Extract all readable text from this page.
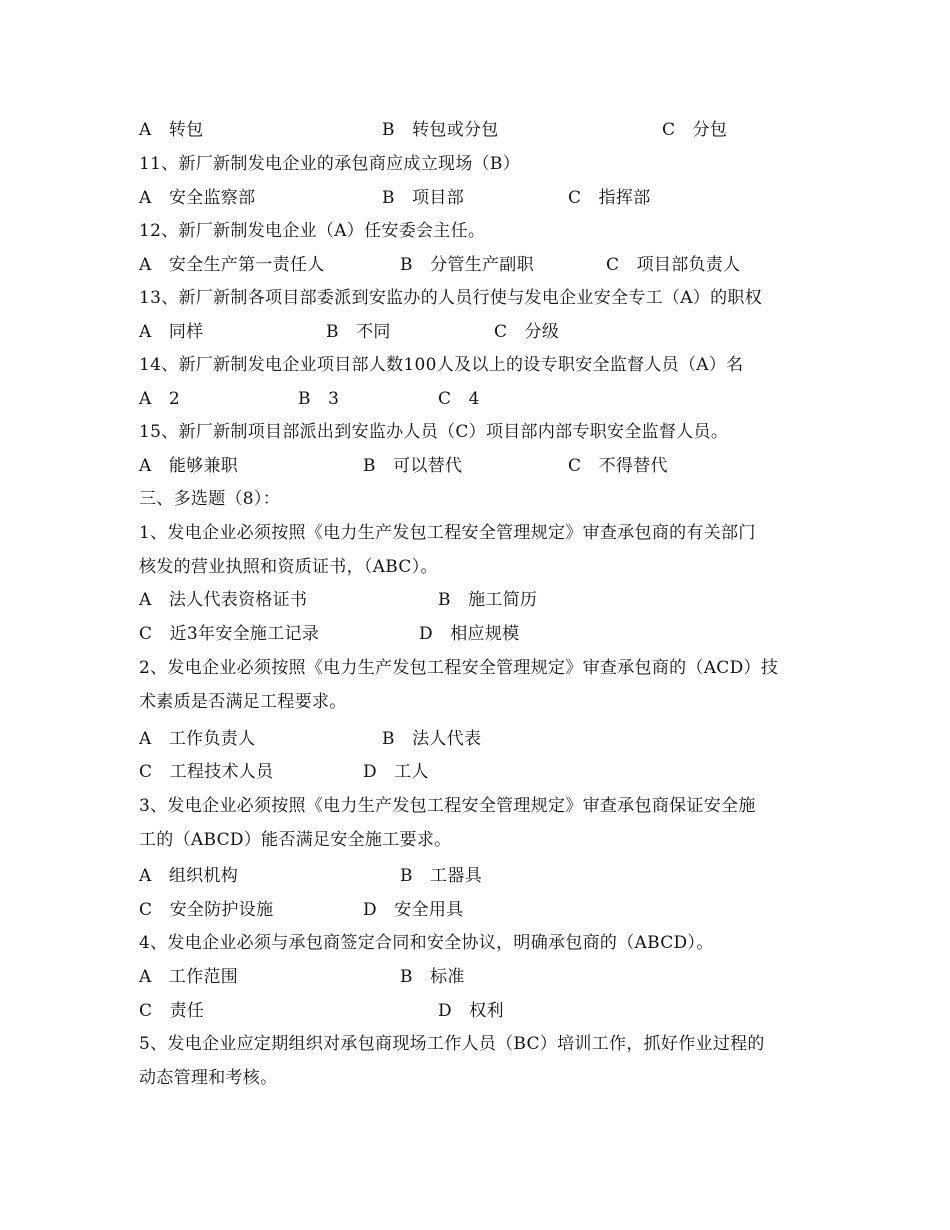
A　转包	B　转包或分包	C　分包
11、新厂新制发电企业的承包商应成立现场（B）
A　安全监察部	B　项目部	C　指挥部
12、新厂新制发电企业（A）任安委会主任。
A　安全生产第一责任人	B　分管生产副职	C　项目部负责人
13、新厂新制各项目部委派到安监办的人员行使与发电企业安全专工（A）的职权
A　同样	B　不同	C　分级
14、新厂新制发电企业项目部人数100人及以上的设专职安全监督人员（A）名
A　2	B　3	C　4
15、新厂新制项目部派出到安监办人员（C）项目部内部专职安全监督人员。
A　能够兼职	B　可以替代	C　不得替代
三、多选题（8）：
1、发电企业必须按照《电力生产发包工程安全管理规定》审查承包商的有关部门
核发的营业执照和资质证书，（ABC）。
A　法人代表资格证书	B　施工简历
C　近3年安全施工记录	D　相应规模
2、发电企业必须按照《电力生产发包工程安全管理规定》审查承包商的（ACD）技
术素质是否满足工程要求。
A　工作负责人	B　法人代表
C　工程技术人员	D　工人
3、发电企业必须按照《电力生产发包工程安全管理规定》审查承包商保证安全施
工的（ABCD）能否满足安全施工要求。
A　组织机构	B　工器具
C　安全防护设施	D　安全用具
4、发电企业必须与承包商签定合同和安全协议，明确承包商的（ABCD）。
A　工作范围	B　标准
C　责任	D　权利
5、发电企业应定期组织对承包商现场工作人员（BC）培训工作，抓好作业过程的
动态管理和考核。
